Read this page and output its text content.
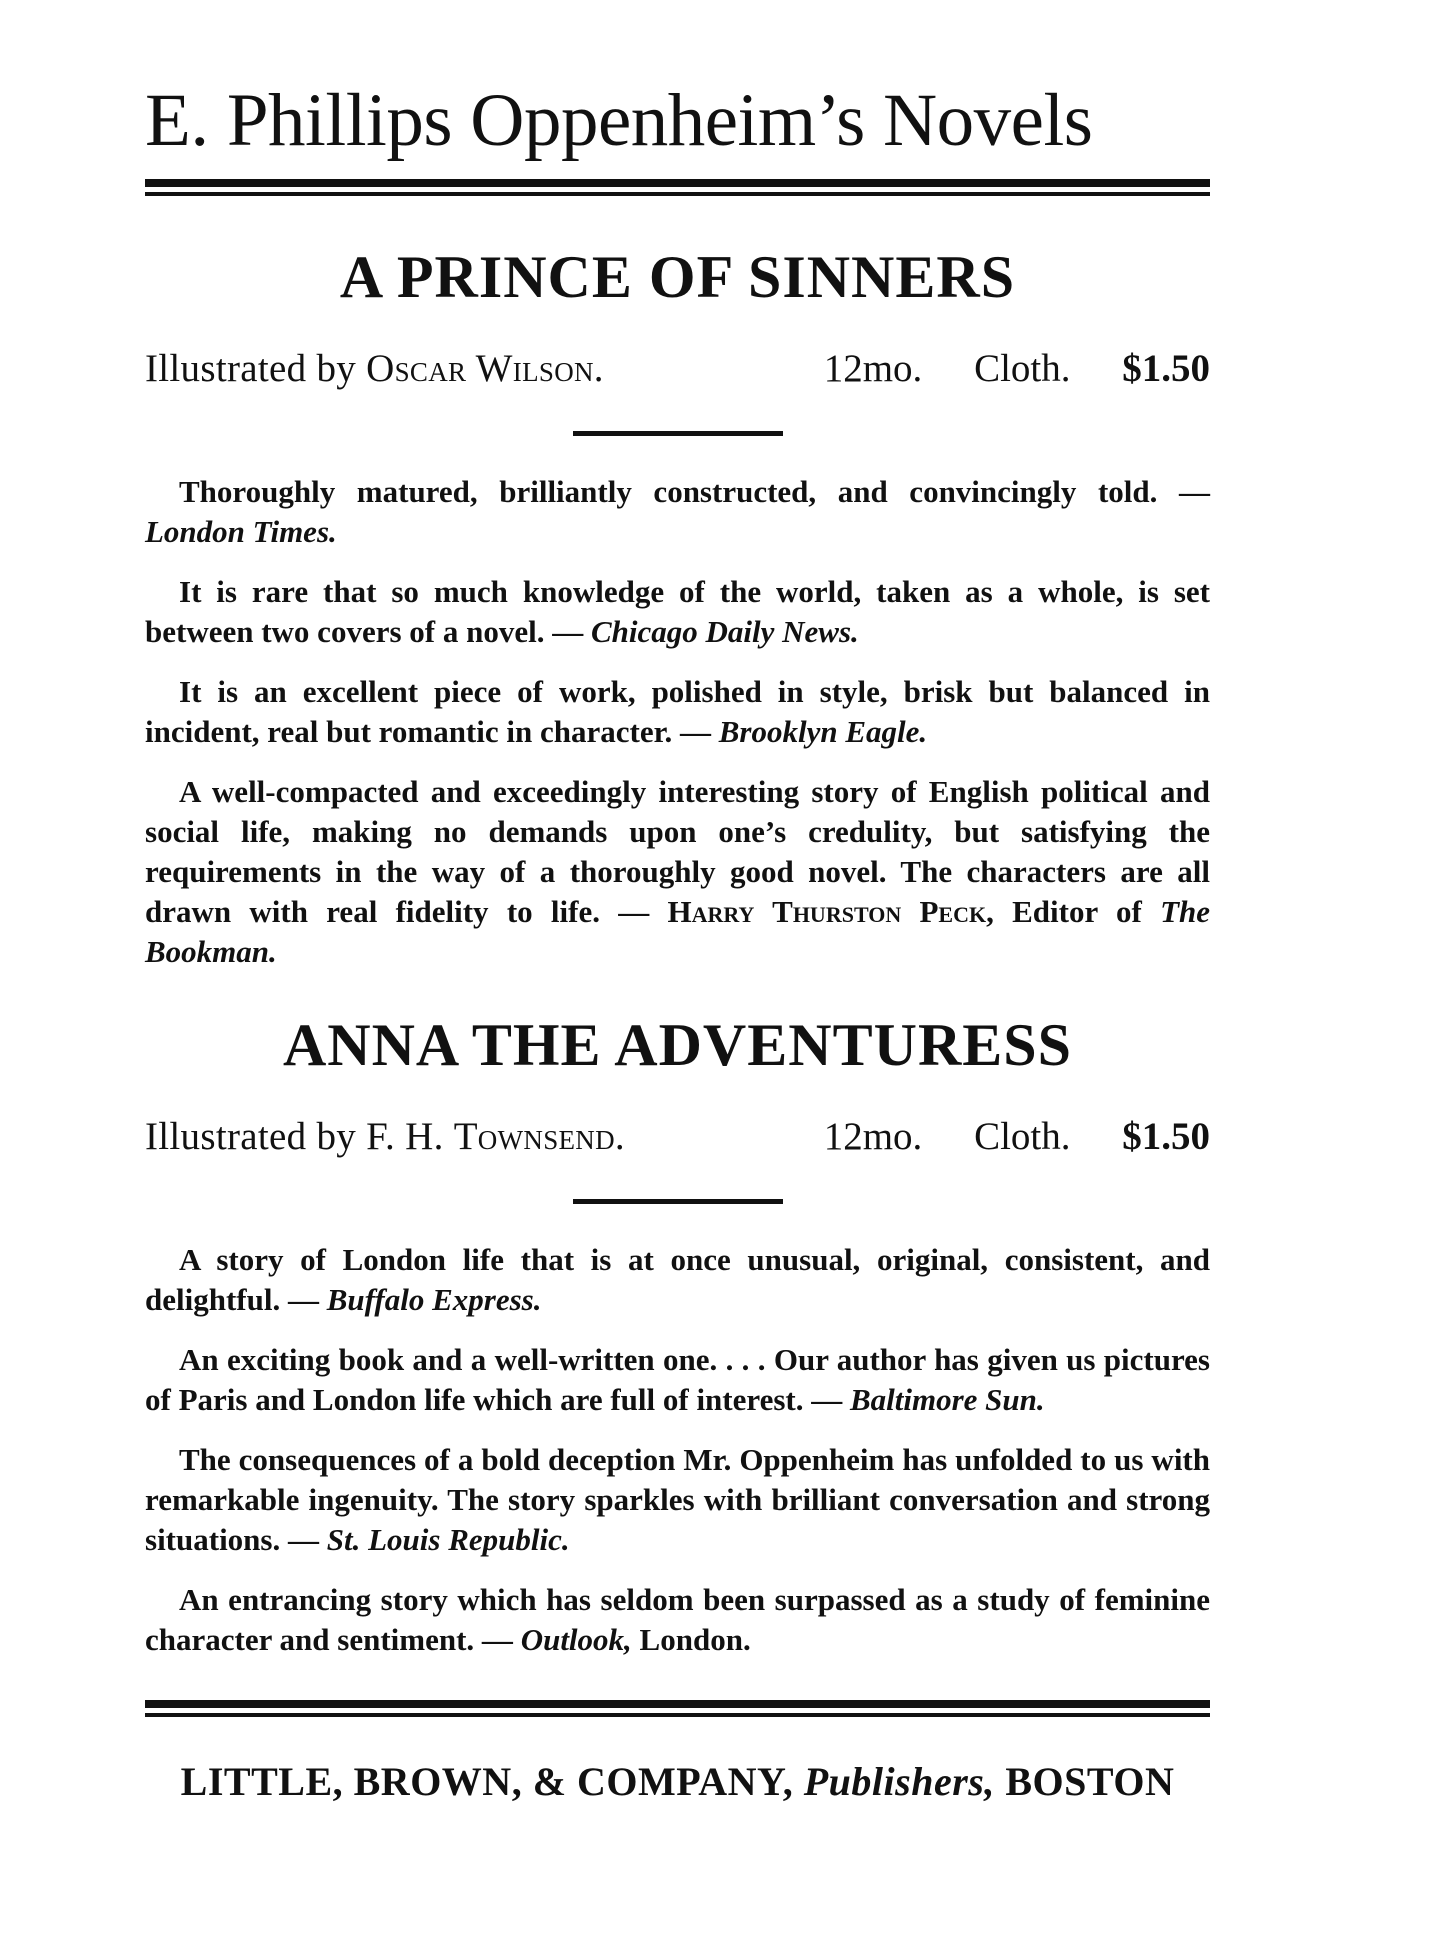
E. Phillips Oppenheim’s Novels
A PRINCE OF SINNERS
Illustrated by Oscar Wilson.	12mo. Cloth. $1.50

Thoroughly matured, brilliantly constructed, and convincingly told. — London Times.

It is rare that so much knowledge of the world, taken as a whole, is set between two covers of a novel. — Chicago Daily News.

It is an excellent piece of work, polished in style, brisk but balanced in incident, real but romantic in character. — Brooklyn Eagle.

A well-compacted and exceedingly interesting story of English political and social life, making no demands upon one’s credulity, but satisfying the requirements in the way of a thoroughly good novel. The characters are all drawn with real fidelity to life. — Harry Thurston Peck, Editor of The Bookman.

ANNA THE ADVENTURESS
Illustrated by F. H. Townsend.	12mo. Cloth. $1.50

A story of London life that is at once unusual, original, consistent, and delightful. — Buffalo Express.

An exciting book and a well-written one. . . . Our author has given us pictures of Paris and London life which are full of interest. — Baltimore Sun.

The consequences of a bold deception Mr. Oppenheim has unfolded to us with remarkable ingenuity. The story sparkles with brilliant conversation and strong situations. — St. Louis Republic.

An entrancing story which has seldom been surpassed as a study of feminine character and sentiment. — Outlook, London.

LITTLE, BROWN, & COMPANY, Publishers, BOSTON
